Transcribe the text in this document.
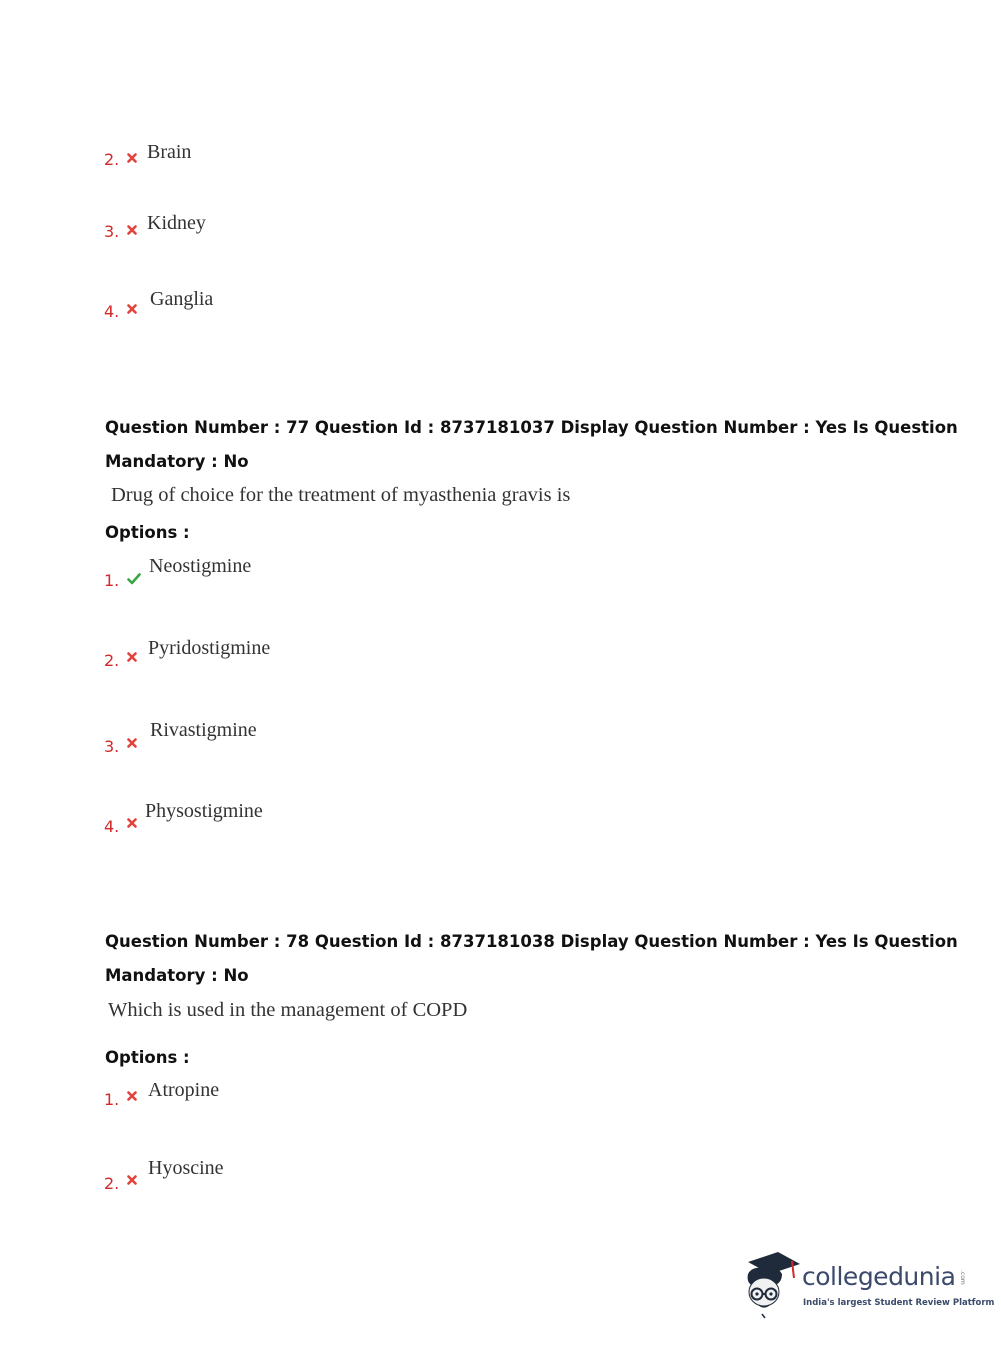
2. Brain
3. Kidney
4.
Ganglia
Question Number : 77 Question Id : 8737181037 Display Question Number : Yes Is Question
Mandatory : No
Drug of choice for the treatment of myasthenia gravis is
Options :
1.
Neostigmine
2.
Pyridostigmine
3.
Rivastigmine
4.
Physostigmine
Question Number : 78 Question Id : 8737181038 Display Question Number : Yes Is Question
Mandatory : No
Which is used in the management of COPD
Options :
1. Atropine
2.
Hyoscine
collegedunia .com
India's largest Student Review Platform
